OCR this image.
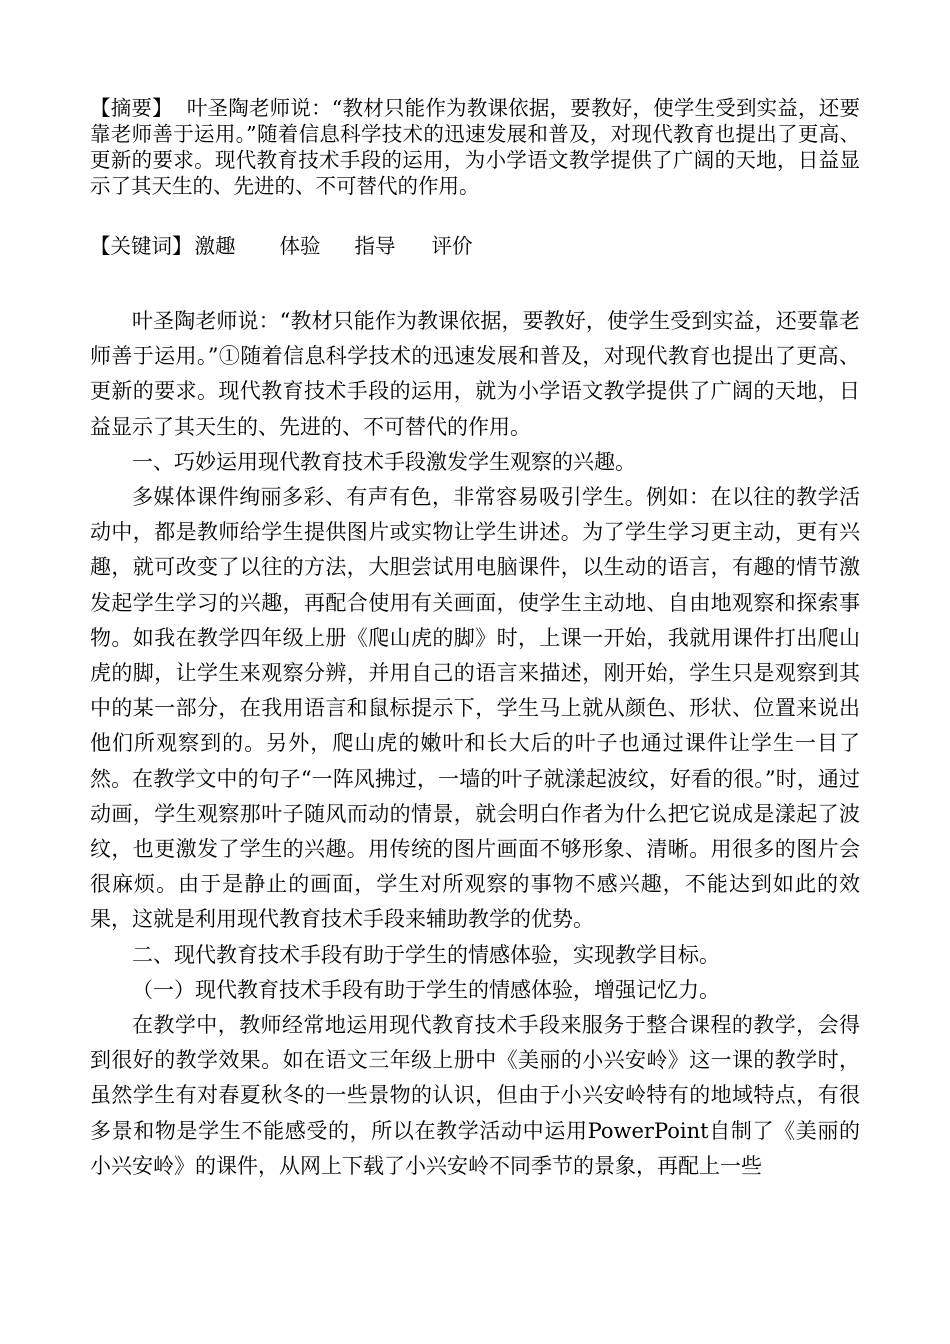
【摘要】 叶圣陶老师说：“教材只能作为教课依据，要教好，使学生受到实益，还要靠老师善于运用。”随着信息科学技术的迅速发展和普及，对现代教育也提出了更高、更新的要求。现代教育技术手段的运用，为小学语文教学提供了广阔的天地，日益显示了其天生的、先进的、不可替代的作用。
【关键词】激趣 体验 指导 评价

叶圣陶老师说：“教材只能作为教课依据，要教好，使学生受到实益，还要靠老师善于运用。”①随着信息科学技术的迅速发展和普及，对现代教育也提出了更高、更新的要求。现代教育技术手段的运用，就为小学语文教学提供了广阔的天地，日益显示了其天生的、先进的、不可替代的作用。

一、巧妙运用现代教育技术手段激发学生观察的兴趣。

多媒体课件绚丽多彩、有声有色，非常容易吸引学生。例如：在以往的教学活动中，都是教师给学生提供图片或实物让学生讲述。为了学生学习更主动，更有兴趣，就可改变了以往的方法，大胆尝试用电脑课件，以生动的语言，有趣的情节激发起学生学习的兴趣，再配合使用有关画面，使学生主动地、自由地观察和探索事物。如我在教学四年级上册《爬山虎的脚》时，上课一开始，我就用课件打出爬山虎的脚，让学生来观察分辨，并用自己的语言来描述，刚开始，学生只是观察到其中的某一部分，在我用语言和鼠标提示下，学生马上就从颜色、形状、位置来说出他们所观察到的。另外，爬山虎的嫩叶和长大后的叶子也通过课件让学生一目了然。在教学文中的句子“一阵风拂过，一墙的叶子就漾起波纹，好看的很。”时，通过动画，学生观察那叶子随风而动的情景，就会明白作者为什么把它说成是漾起了波纹，也更激发了学生的兴趣。用传统的图片画面不够形象、清晰。用很多的图片会很麻烦。由于是静止的画面，学生对所观察的事物不感兴趣，不能达到如此的效果，这就是利用现代教育技术手段来辅助教学的优势。

二、现代教育技术手段有助于学生的情感体验，实现教学目标。

（一）现代教育技术手段有助于学生的情感体验，增强记忆力。

在教学中，教师经常地运用现代教育技术手段来服务于整合课程的教学，会得到很好的教学效果。如在语文三年级上册中《美丽的小兴安岭》这一课的教学时，虽然学生有对春夏秋冬的一些景物的认识，但由于小兴安岭特有的地域特点，有很多景和物是学生不能感受的，所以在教学活动中运用PowerPoint自制了《美丽的小兴安岭》的课件，从网上下载了小兴安岭不同季节的景象，再配上一些
